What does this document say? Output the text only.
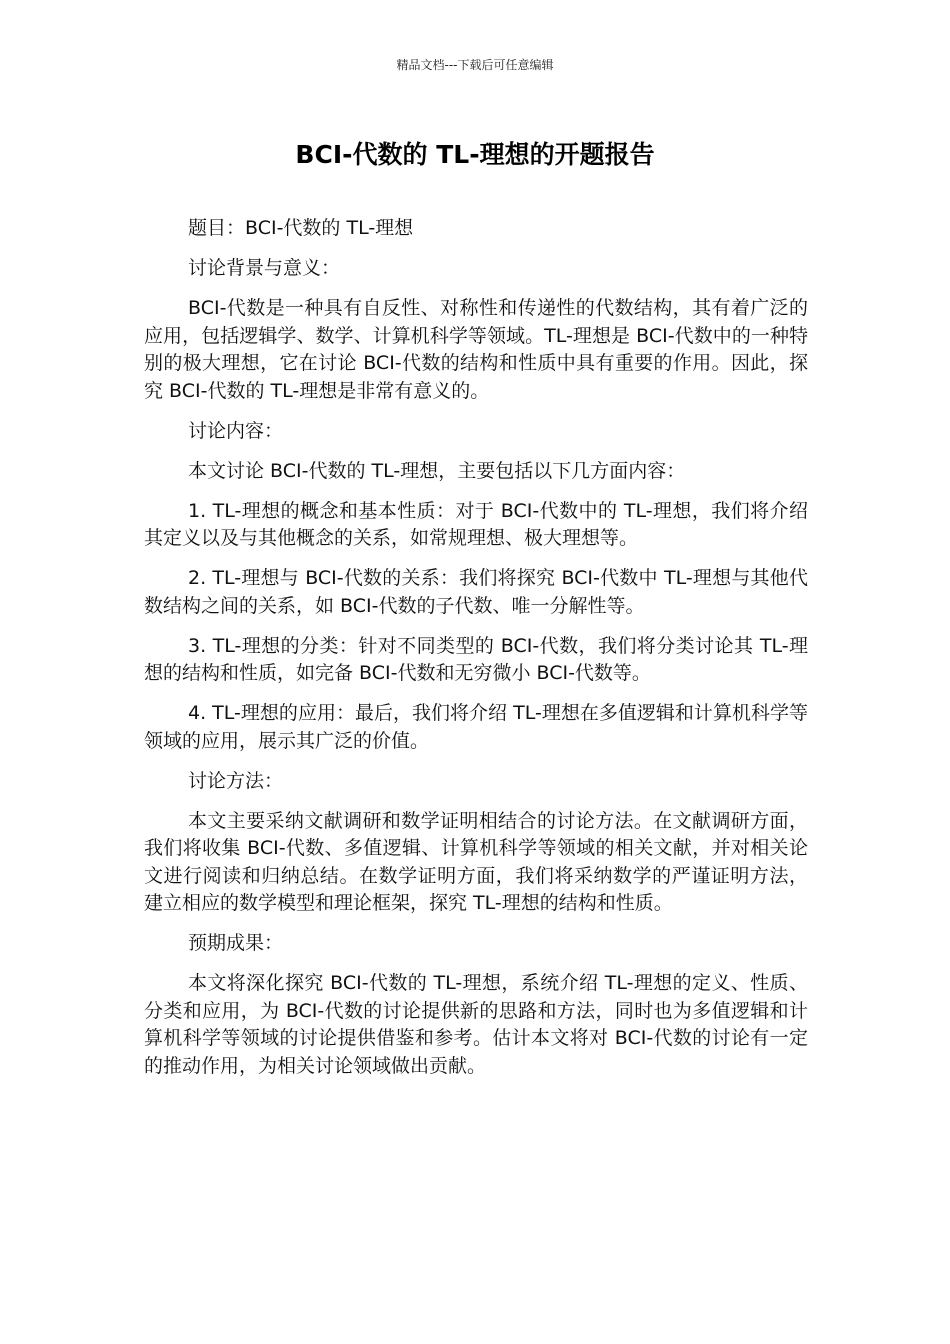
精品文档---下载后可任意编辑
BCI-代数的 TL-理想的开题报告

题目：BCI-代数的 TL-理想

讨论背景与意义：

BCI-代数是一种具有自反性、对称性和传递性的代数结构，其有着广泛的应用，包括逻辑学、数学、计算机科学等领域。TL-理想是 BCI-代数中的一种特别的极大理想，它在讨论 BCI-代数的结构和性质中具有重要的作用。因此，探究 BCI-代数的 TL-理想是非常有意义的。

讨论内容：

本文讨论 BCI-代数的 TL-理想，主要包括以下几方面内容：

1. TL-理想的概念和基本性质：对于 BCI-代数中的 TL-理想，我们将介绍其定义以及与其他概念的关系，如常规理想、极大理想等。

2. TL-理想与 BCI-代数的关系：我们将探究 BCI-代数中 TL-理想与其他代数结构之间的关系，如 BCI-代数的子代数、唯一分解性等。

3. TL-理想的分类：针对不同类型的 BCI-代数，我们将分类讨论其 TL-理想的结构和性质，如完备 BCI-代数和无穷微小 BCI-代数等。

4. TL-理想的应用：最后，我们将介绍 TL-理想在多值逻辑和计算机科学等领域的应用，展示其广泛的价值。

讨论方法：

本文主要采纳文献调研和数学证明相结合的讨论方法。在文献调研方面，我们将收集 BCI-代数、多值逻辑、计算机科学等领域的相关文献，并对相关论文进行阅读和归纳总结。在数学证明方面，我们将采纳数学的严谨证明方法，建立相应的数学模型和理论框架，探究 TL-理想的结构和性质。

预期成果：

本文将深化探究 BCI-代数的 TL-理想，系统介绍 TL-理想的定义、性质、分类和应用，为 BCI-代数的讨论提供新的思路和方法，同时也为多值逻辑和计算机科学等领域的讨论提供借鉴和参考。估计本文将对 BCI-代数的讨论有一定的推动作用，为相关讨论领域做出贡献。
